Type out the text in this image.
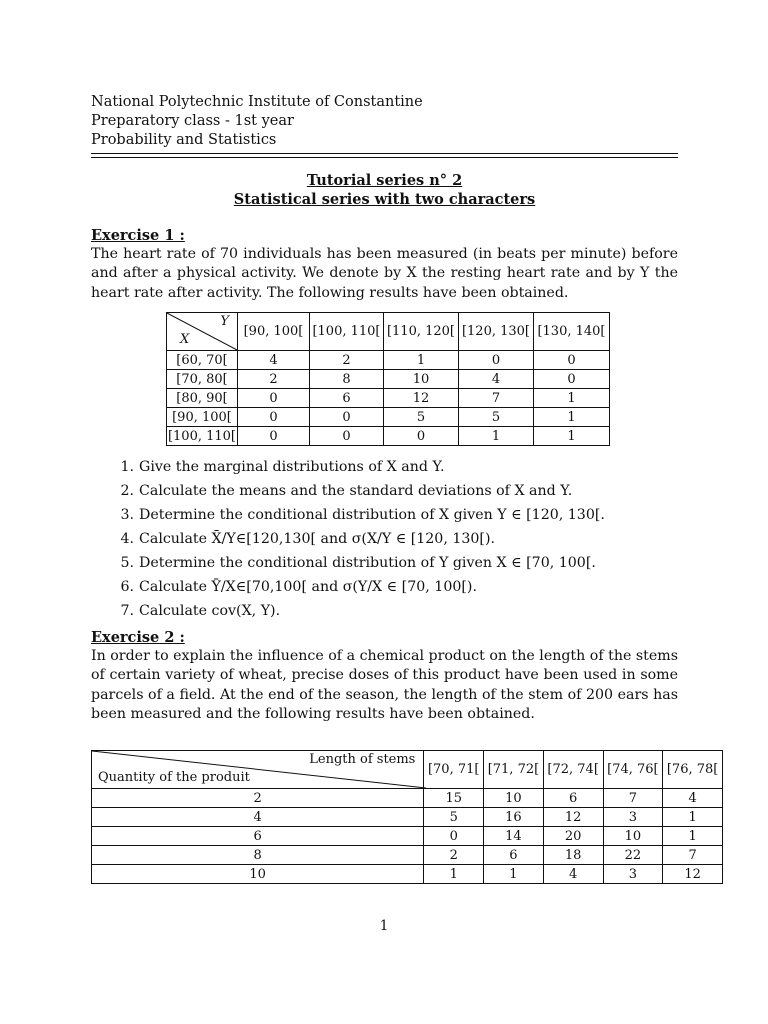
National Polytechnic Institute of Constantine
Preparatory class - 1st year
Probability and Statistics
Tutorial series n° 2
Statistical series with two characters
Exercise 1 :
The heart rate of 70 individuals has been measured (in beats per minute) before and after a physical activity. We denote by X the resting heart rate and by Y the heart rate after activity. The following results have been obtained.
Y
X	[90, 100[	[100, 110[	[110, 120[	[120, 130[	[130, 140[
[60, 70[	4	2	1	0	0
[70, 80[	2	8	10	4	0
[80, 90[	0	6	12	7	1
[90, 100[	0	0	5	5	1
[100, 110[	0	0	0	1	1
1. Give the marginal distributions of X and Y.
2. Calculate the means and the standard deviations of X and Y.
3. Determine the conditional distribution of X given Y ∈ [120, 130[.
4. Calculate X̄/Y∈[120,130[ and σ(X/Y ∈ [120, 130[).
5. Determine the conditional distribution of Y given X ∈ [70, 100[.
6. Calculate Ȳ/X∈[70,100[ and σ(Y/X ∈ [70, 100[).
7. Calculate cov(X, Y).
Exercise 2 :
In order to explain the influence of a chemical product on the length of the stems of certain variety of wheat, precise doses of this product have been used in some parcels of a field. At the end of the season, the length of the stem of 200 ears has been measured and the following results have been obtained.
Length of stems
Quantity of the produit	[70, 71[	[71, 72[	[72, 74[	[74, 76[	[76, 78[
2	15	10	6	7	4
4	5	16	12	3	1
6	0	14	20	10	1
8	2	6	18	22	7
10	1	1	4	3	12
1
